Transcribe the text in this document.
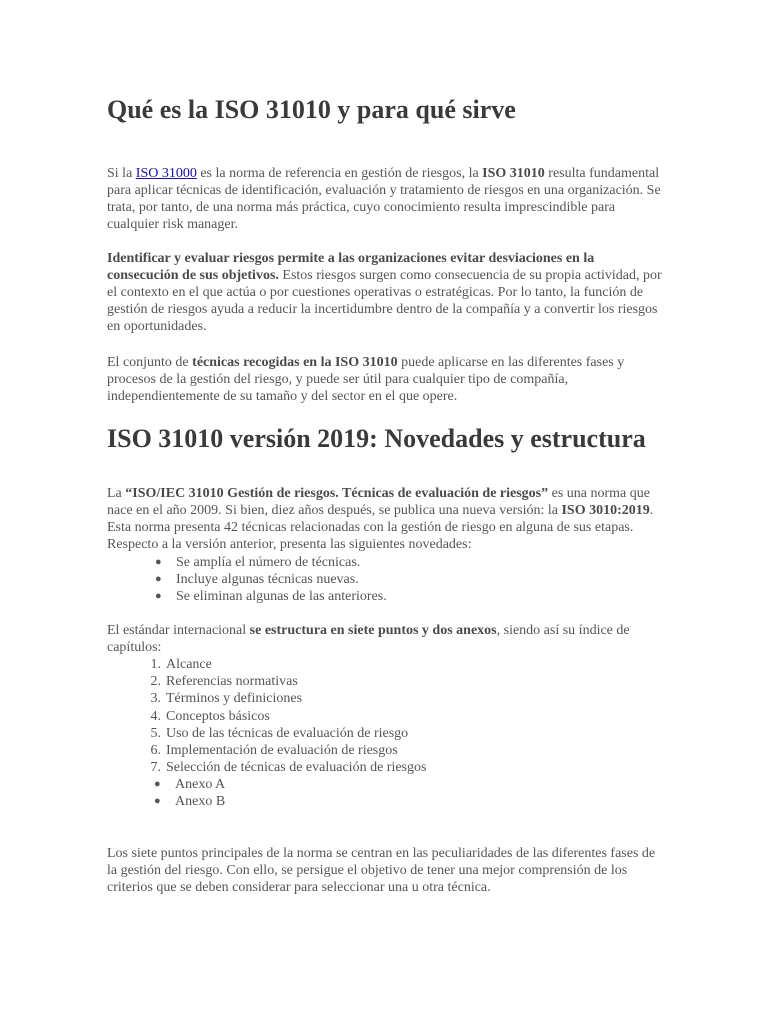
Qué es la ISO 31010 y para qué sirve

Si la ISO 31000 es la norma de referencia en gestión de riesgos, la ISO 31010 resulta fundamental para aplicar técnicas de identificación, evaluación y tratamiento de riesgos en una organización. Se trata, por tanto, de una norma más práctica, cuyo conocimiento resulta imprescindible para cualquier risk manager.

Identificar y evaluar riesgos permite a las organizaciones evitar desviaciones en la consecución de sus objetivos. Estos riesgos surgen como consecuencia de su propia actividad, por el contexto en el que actúa o por cuestiones operativas o estratégicas. Por lo tanto, la función de gestión de riesgos ayuda a reducir la incertidumbre dentro de la compañía y a convertir los riesgos en oportunidades.

El conjunto de técnicas recogidas en la ISO 31010 puede aplicarse en las diferentes fases y procesos de la gestión del riesgo, y puede ser útil para cualquier tipo de compañía, independientemente de su tamaño y del sector en el que opere.

ISO 31010 versión 2019: Novedades y estructura

La “ISO/IEC 31010 Gestión de riesgos. Técnicas de evaluación de riesgos” es una norma que nace en el año 2009. Si bien, diez años después, se publica una nueva versión: la ISO 3010:2019. Esta norma presenta 42 técnicas relacionadas con la gestión de riesgo en alguna de sus etapas. Respecto a la versión anterior, presenta las siguientes novedades:

● Se amplía el número de técnicas.
● Incluye algunas técnicas nuevas.
● Se eliminan algunas de las anteriores.

El estándar internacional se estructura en siete puntos y dos anexos, siendo así su índice de capítulos:

1. Alcance
2. Referencias normativas
3. Términos y definiciones
4. Conceptos básicos
5. Uso de las técnicas de evaluación de riesgo
6. Implementación de evaluación de riesgos
7. Selección de técnicas de evaluación de riesgos
● Anexo A
● Anexo B

Los siete puntos principales de la norma se centran en las peculiaridades de las diferentes fases de la gestión del riesgo. Con ello, se persigue el objetivo de tener una mejor comprensión de los criterios que se deben considerar para seleccionar una u otra técnica.
